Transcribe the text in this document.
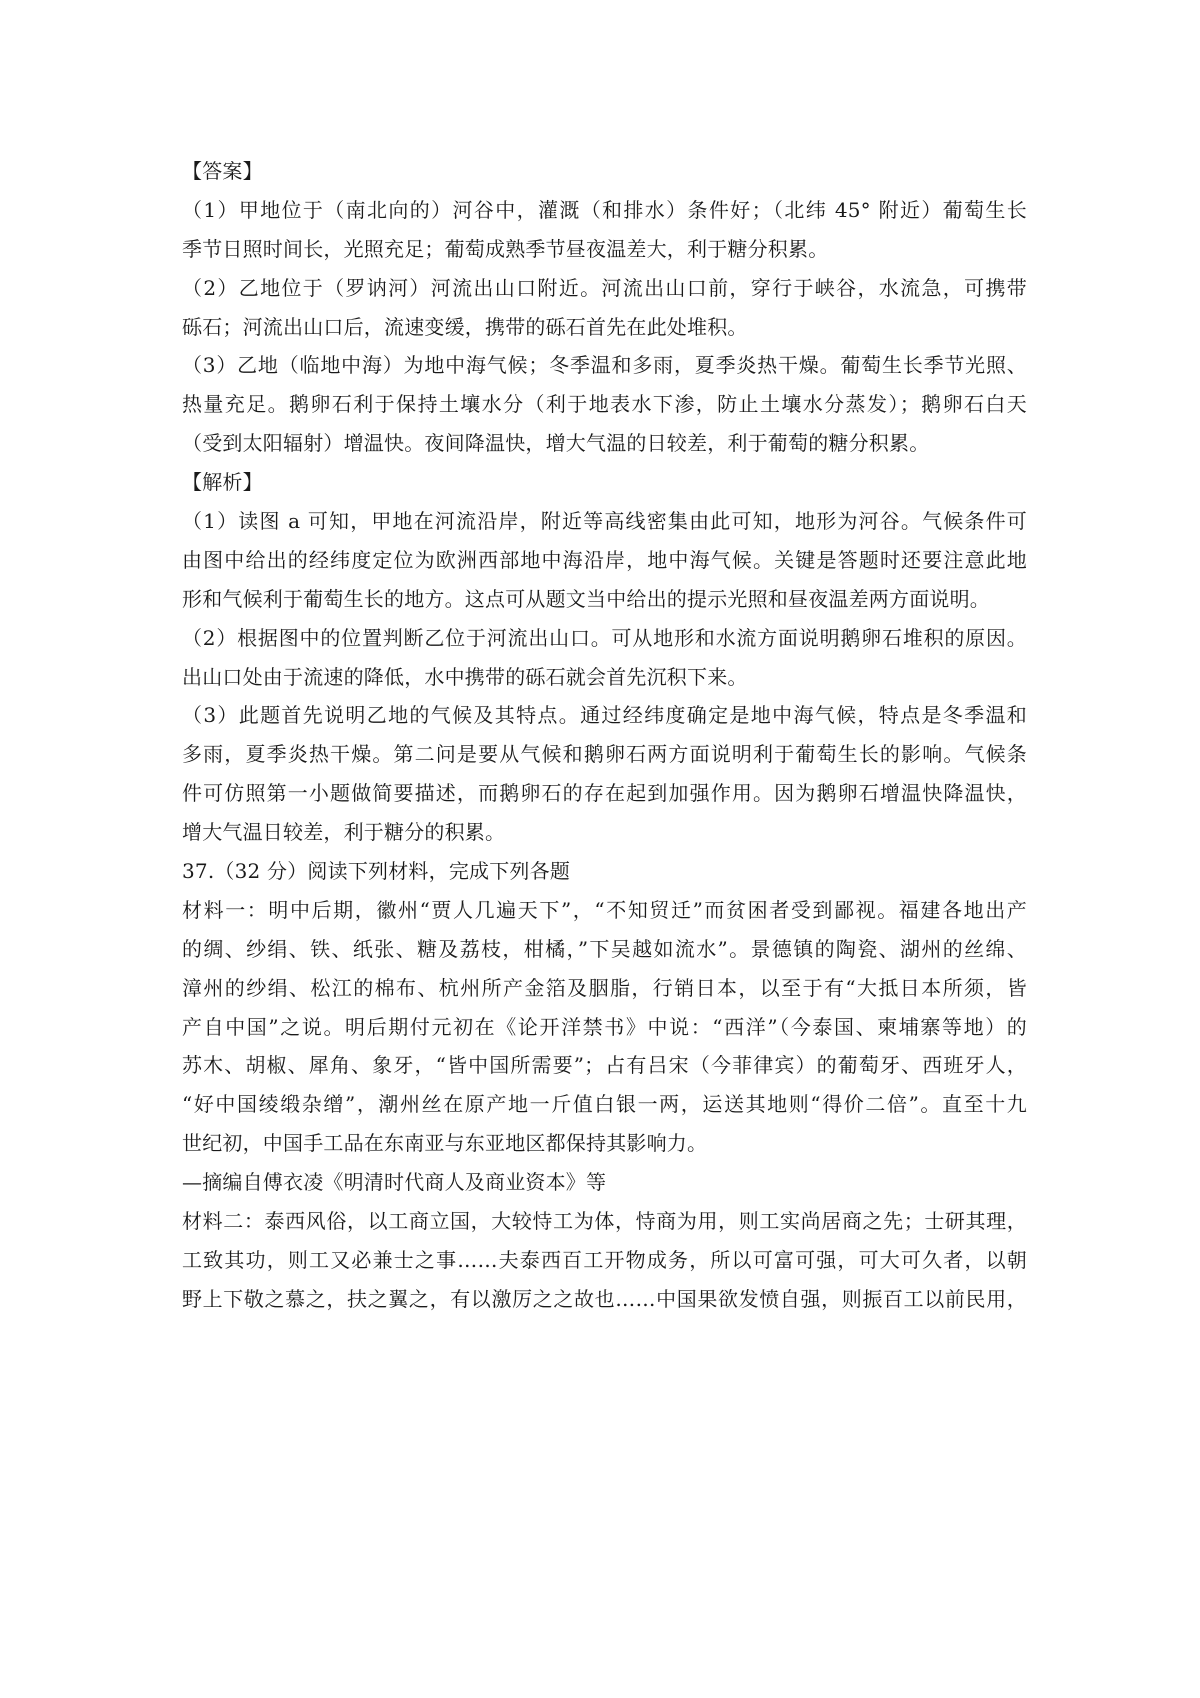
【答案】
（1）甲地位于（南北向的）河谷中，灌溉（和排水）条件好；（北纬 45° 附近）葡萄生长
季节日照时间长，光照充足；葡萄成熟季节昼夜温差大，利于糖分积累。
（2）乙地位于（罗讷河）河流出山口附近。河流出山口前，穿行于峡谷，水流急，可携带
砾石；河流出山口后，流速变缓，携带的砾石首先在此处堆积。
（3）乙地（临地中海）为地中海气候；冬季温和多雨，夏季炎热干燥。葡萄生长季节光照、
热量充足。鹅卵石利于保持土壤水分（利于地表水下渗，防止土壤水分蒸发）；鹅卵石白天
（受到太阳辐射）增温快。夜间降温快，增大气温的日较差，利于葡萄的糖分积累。
【解析】
（1）读图 a 可知，甲地在河流沿岸，附近等高线密集由此可知，地形为河谷。气候条件可
由图中给出的经纬度定位为欧洲西部地中海沿岸，地中海气候。关键是答题时还要注意此地
形和气候利于葡萄生长的地方。这点可从题文当中给出的提示光照和昼夜温差两方面说明。
（2）根据图中的位置判断乙位于河流出山口。可从地形和水流方面说明鹅卵石堆积的原因。
出山口处由于流速的降低，水中携带的砾石就会首先沉积下来。
（3）此题首先说明乙地的气候及其特点。通过经纬度确定是地中海气候，特点是冬季温和
多雨，夏季炎热干燥。第二问是要从气候和鹅卵石两方面说明利于葡萄生长的影响。气候条
件可仿照第一小题做简要描述，而鹅卵石的存在起到加强作用。因为鹅卵石增温快降温快，
增大气温日较差，利于糖分的积累。
37.（32 分）阅读下列材料，完成下列各题
材料一：明中后期，徽州“贾人几遍天下”，“不知贸迁”而贫困者受到鄙视。福建各地出产
的绸、纱绢、铁、纸张、糖及荔枝，柑橘，”下吴越如流水”。景德镇的陶瓷、湖州的丝绵、
漳州的纱绢、松江的棉布、杭州所产金箔及胭脂，行销日本，以至于有“大抵日本所须，皆
产自中国”之说。明后期付元初在《论开洋禁书》中说：“西洋”（今泰国、柬埔寨等地）的
苏木、胡椒、犀角、象牙，“皆中国所需要”；占有吕宋（今菲律宾）的葡萄牙、西班牙人，
“好中国绫缎杂缯”，潮州丝在原产地一斤值白银一两，运送其地则“得价二倍”。直至十九
世纪初，中国手工品在东南亚与东亚地区都保持其影响力。
—摘编自傅衣凌《明清时代商人及商业资本》等
材料二：泰西风俗，以工商立国，大较恃工为体，恃商为用，则工实尚居商之先；士研其理，
工致其功，则工又必兼士之事……夫泰西百工开物成务，所以可富可强，可大可久者，以朝
野上下敬之慕之，扶之翼之，有以激厉之之故也……中国果欲发愤自强，则振百工以前民用，
